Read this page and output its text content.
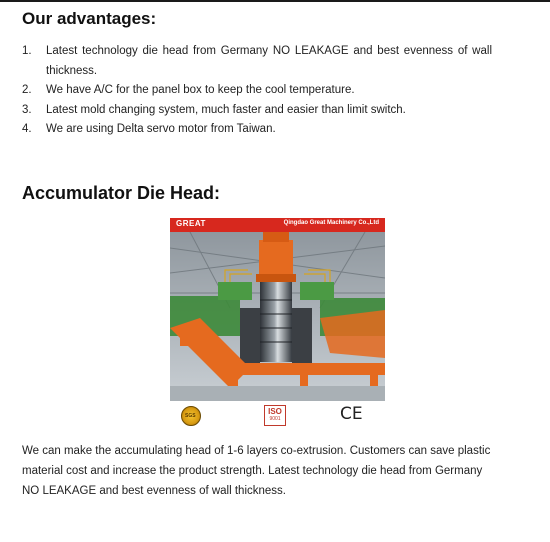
Our advantages:
1. Latest technology die head from Germany NO LEAKAGE and best evenness of wall thickness.
2. We have A/C for the panel box to keep the cool temperature.
3. Latest mold changing system, much faster and easier than limit switch.
4. We are using Delta servo motor from Taiwan.
Accumulator Die Head:
GREAT	Qingdao Great Machinery Co.,Ltd
SGS	ISO
9001	CE

We can make the accumulating head of 1-6 layers co-extrusion. Customers can save plastic material cost and increase the product strength. Latest technology die head from Germany NO LEAKAGE and best evenness of wall thickness.
